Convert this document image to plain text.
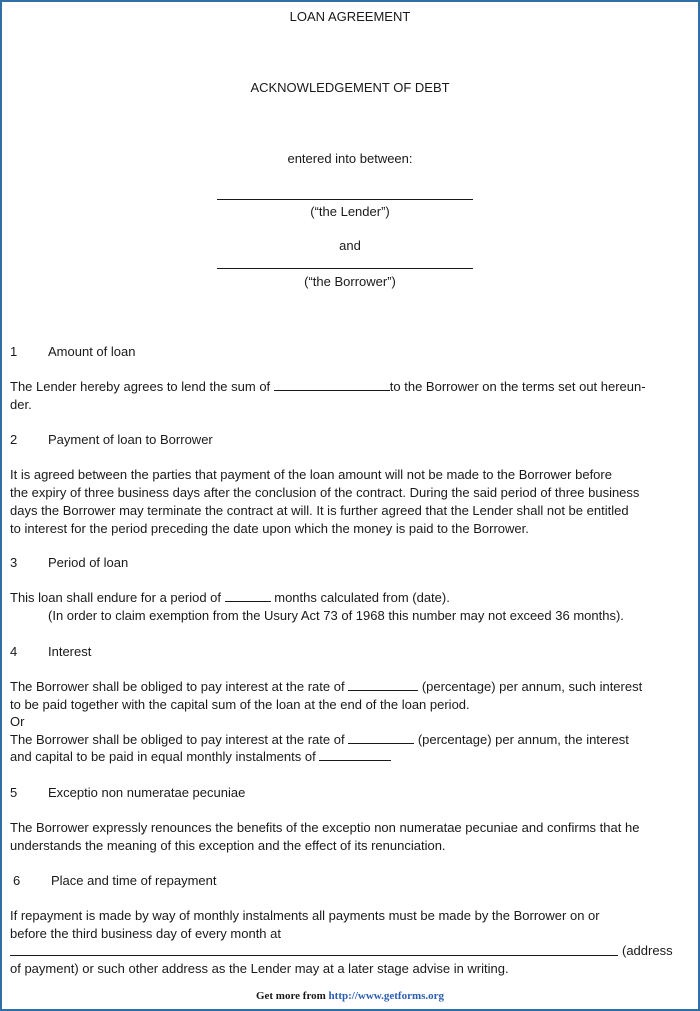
LOAN AGREEMENT
ACKNOWLEDGEMENT OF DEBT
entered into between:
(“the Lender”)
and
(“the Borrower”)
1 Amount of loan
The Lender hereby agrees to lend the sum of	to the Borrower on the terms set out hereun-
der.
2 Payment of loan to Borrower
It is agreed between the parties that payment of the loan amount will not be made to the Borrower before
the expiry of three business days after the conclusion of the contract. During the said period of three business
days the Borrower may terminate the contract at will. It is further agreed that the Lender shall not be entitled
to interest for the period preceding the date upon which the money is paid to the Borrower.
3 Period of loan
This loan shall endure for a period of	months calculated from (date).
(In order to claim exemption from the Usury Act 73 of 1968 this number may not exceed 36 months).
4 Interest
The Borrower shall be obliged to pay interest at the rate of	(percentage) per annum, such interest
to be paid together with the capital sum of the loan at the end of the loan period.
Or
The Borrower shall be obliged to pay interest at the rate of	(percentage) per annum, the interest
and capital to be paid in equal monthly instalments of
5 Exceptio non numeratae pecuniae
The Borrower expressly renounces the benefits of the exceptio non numeratae pecuniae and confirms that he
understands the meaning of this exception and the effect of its renunciation.
6 Place and time of repayment
If repayment is made by way of monthly instalments all payments must be made by the Borrower on or
before the third business day of every month at
(address
of payment) or such other address as the Lender may at a later stage advise in writing.
Get more from http://www.getforms.org
